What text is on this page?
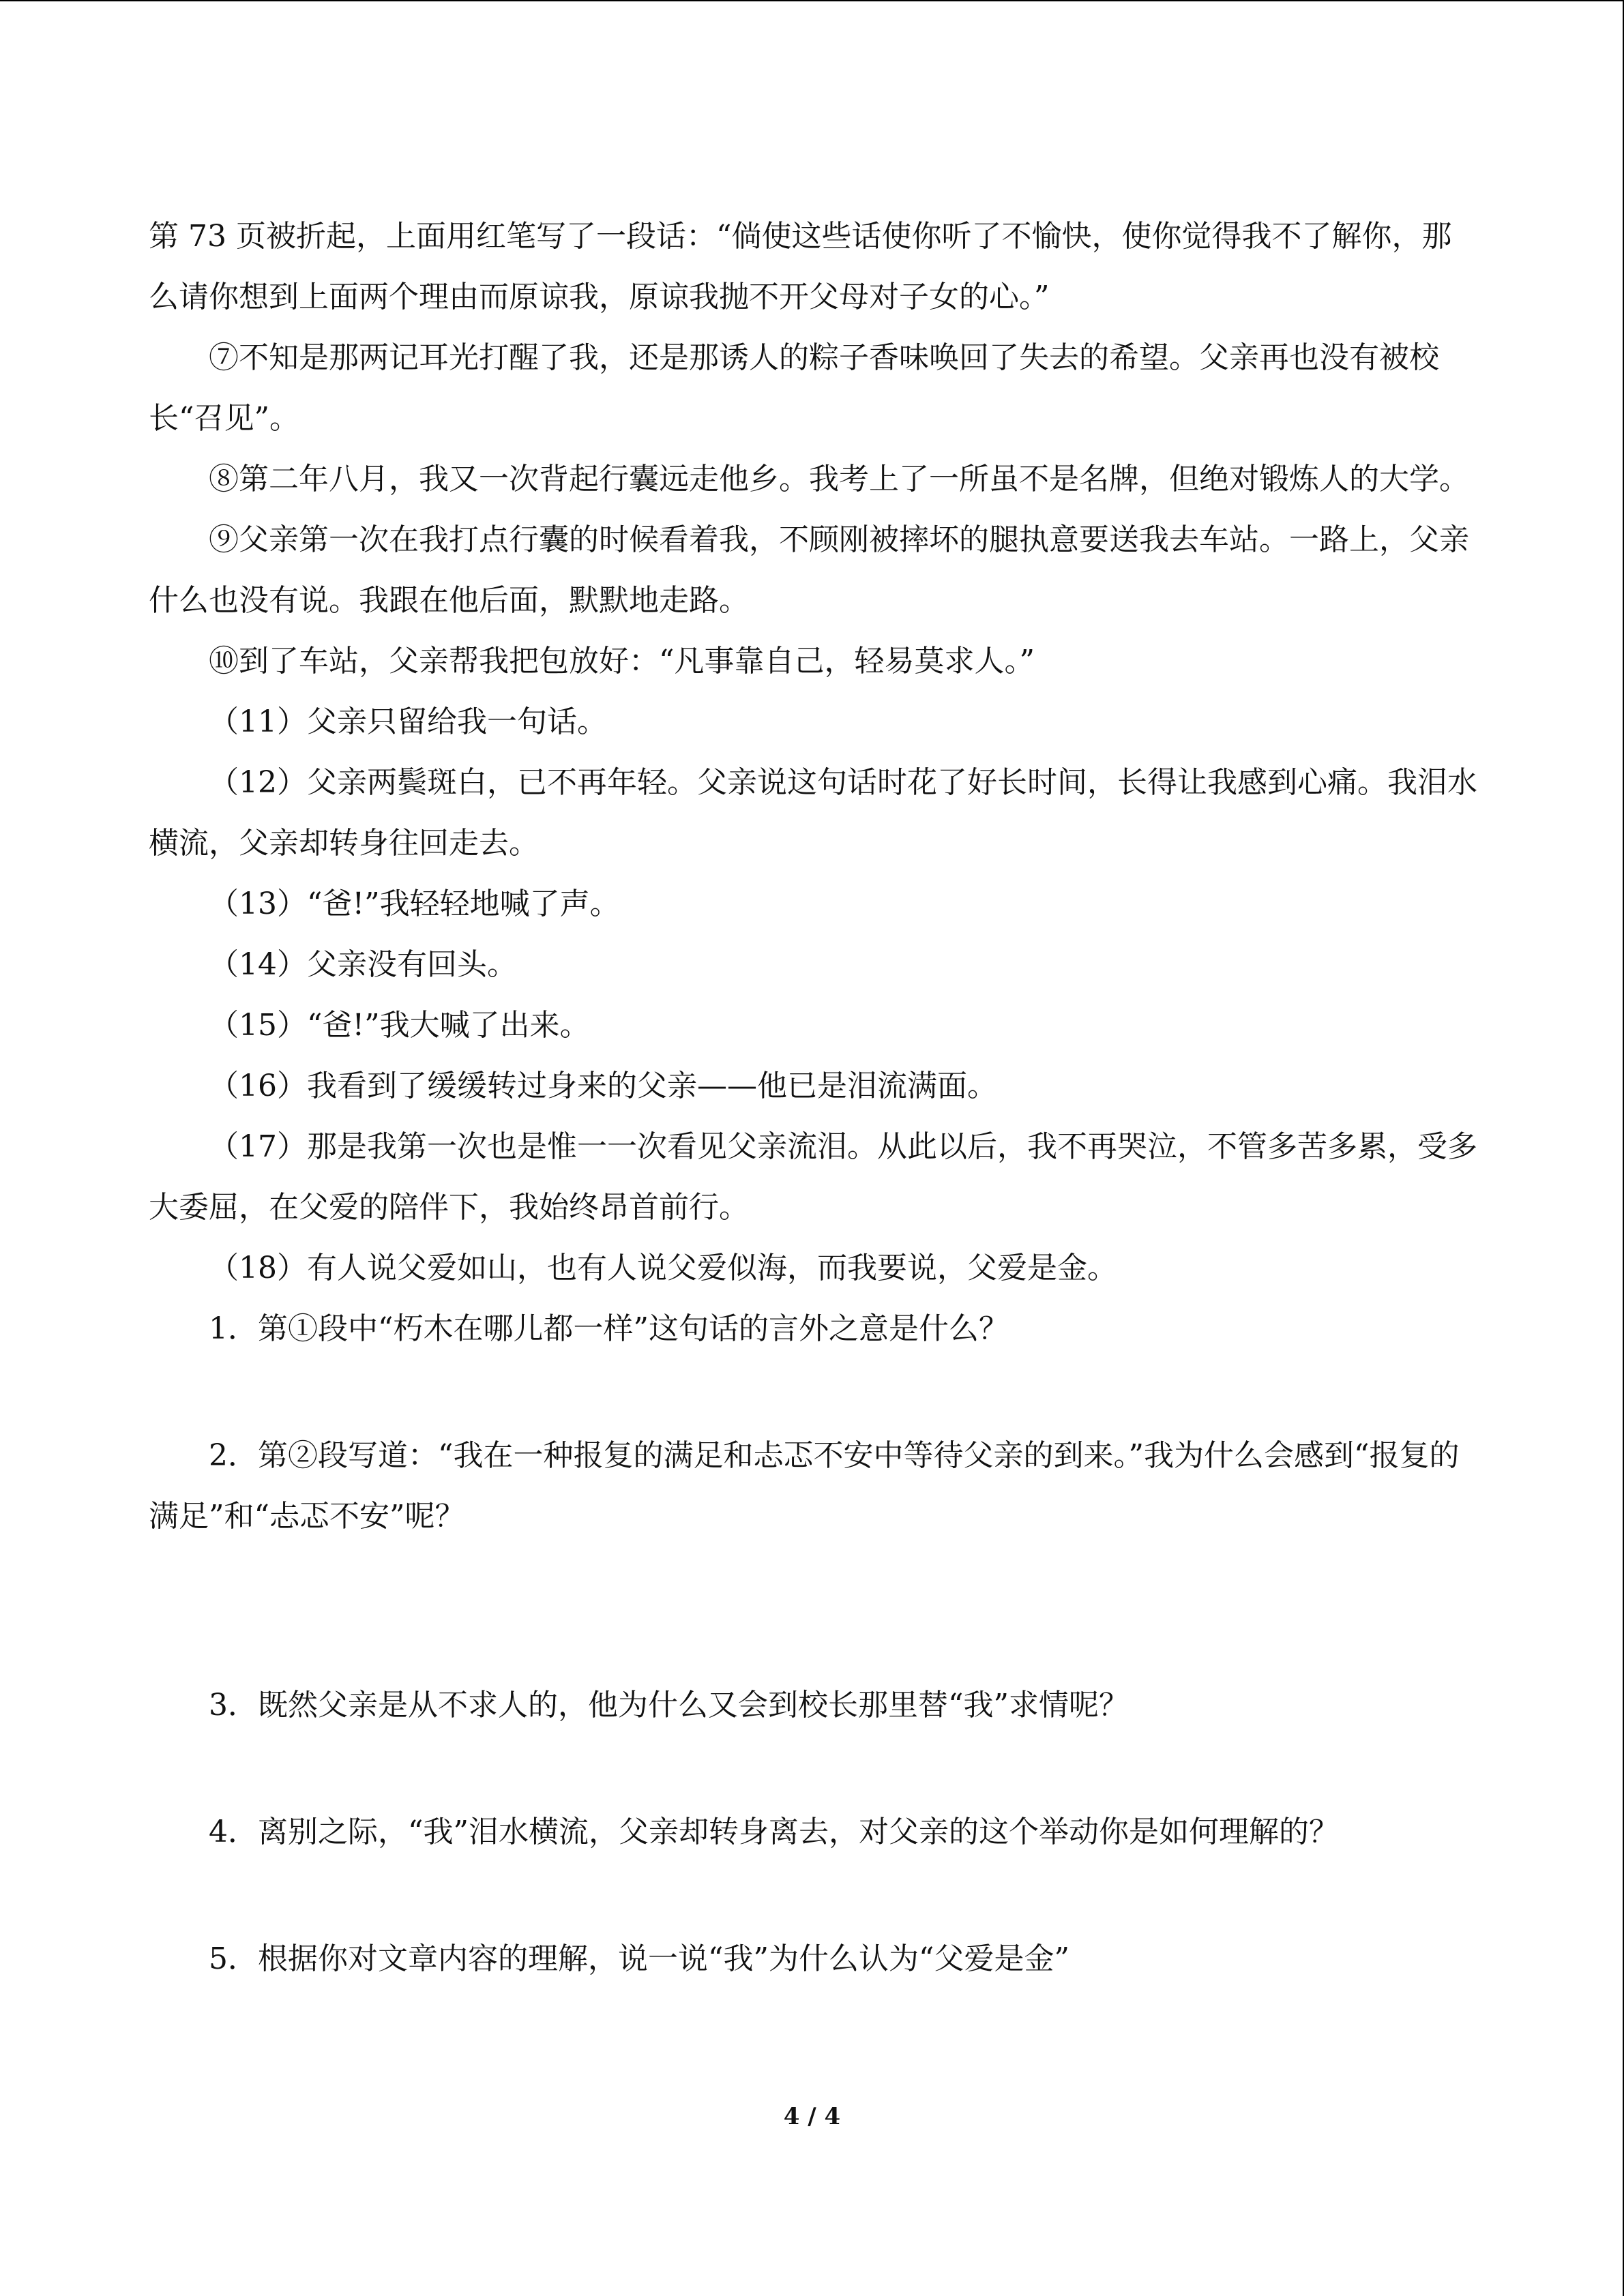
第 73 页被折起，上面用红笔写了一段话：“倘使这些话使你听了不愉快，使你觉得我不了解你，那么请你想到上面两个理由而原谅我，原谅我抛不开父母对子女的心。”

⑦不知是那两记耳光打醒了我，还是那诱人的粽子香味唤回了失去的希望。父亲再也没有被校长“召见”。

⑧第二年八月，我又一次背起行囊远走他乡。我考上了一所虽不是名牌，但绝对锻炼人的大学。

⑨父亲第一次在我打点行囊的时候看着我，不顾刚被摔坏的腿执意要送我去车站。一路上，父亲什么也没有说。我跟在他后面，默默地走路。

⑩到了车站，父亲帮我把包放好：“凡事靠自己，轻易莫求人。”

（11）父亲只留给我一句话。

（12）父亲两鬓斑白，已不再年轻。父亲说这句话时花了好长时间，长得让我感到心痛。我泪水横流，父亲却转身往回走去。

（13）“爸!”我轻轻地喊了声。

（14）父亲没有回头。

（15）“爸!”我大喊了出来。

（16）我看到了缓缓转过身来的父亲——他已是泪流满面。

（17）那是我第一次也是惟一一次看见父亲流泪。从此以后，我不再哭泣，不管多苦多累，受多大委屈，在父爱的陪伴下，我始终昂首前行。

（18）有人说父爱如山，也有人说父爱似海，而我要说，父爱是金。

1．第①段中“朽木在哪儿都一样”这句话的言外之意是什么？

2．第②段写道：“我在一种报复的满足和忐忑不安中等待父亲的到来。”我为什么会感到“报复的满足”和“忐忑不安”呢？

3．既然父亲是从不求人的，他为什么又会到校长那里替“我”求情呢？

4．离别之际，“我”泪水横流，父亲却转身离去，对父亲的这个举动你是如何理解的？

5．根据你对文章内容的理解，说一说“我”为什么认为“父爱是金”

4 / 4
